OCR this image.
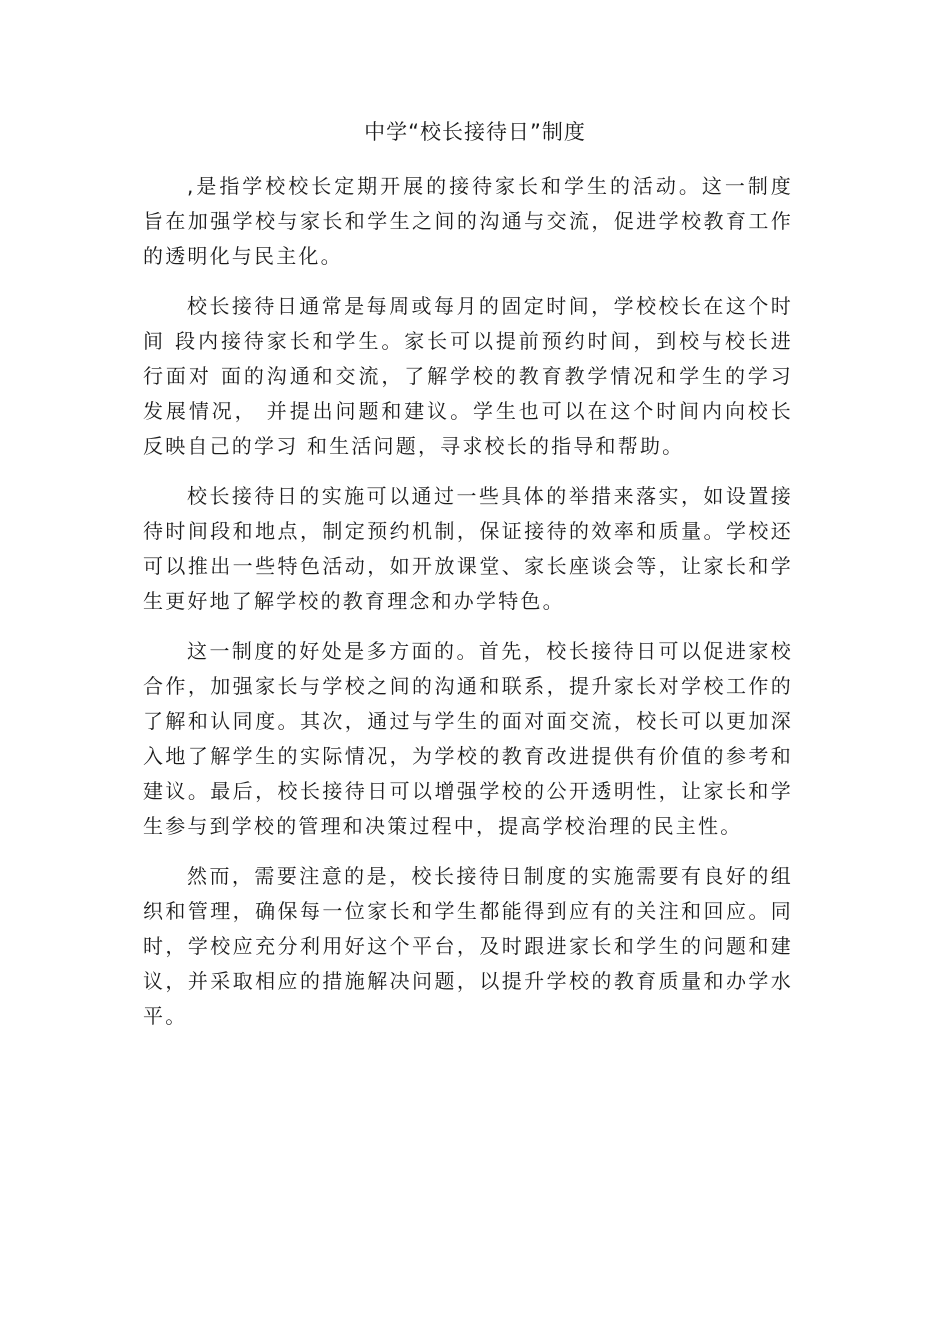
中学“校长接待日”制度

,是指学校校长定期开展的接待家长和学生的活动。这一制度旨在加强学校与家长和学生之间的沟通与交流，促进学校教育工作的透明化与民主化。

校长接待日通常是每周或每月的固定时间，学校校长在这个时间 段内接待家长和学生。家长可以提前预约时间，到校与校长进行面对 面的沟通和交流，了解学校的教育教学情况和学生的学习发展情况， 并提出问题和建议。学生也可以在这个时间内向校长反映自己的学习 和生活问题，寻求校长的指导和帮助。

校长接待日的实施可以通过一些具体的举措来落实，如设置接待时间段和地点，制定预约机制，保证接待的效率和质量。学校还可以推出一些特色活动，如开放课堂、家长座谈会等，让家长和学生更好地了解学校的教育理念和办学特色。

这一制度的好处是多方面的。首先，校长接待日可以促进家校合作，加强家长与学校之间的沟通和联系，提升家长对学校工作的了解和认同度。其次，通过与学生的面对面交流，校长可以更加深入地了解学生的实际情况，为学校的教育改进提供有价值的参考和建议。最后，校长接待日可以增强学校的公开透明性，让家长和学生参与到学校的管理和决策过程中，提高学校治理的民主性。

然而，需要注意的是，校长接待日制度的实施需要有良好的组织和管理，确保每一位家长和学生都能得到应有的关注和回应。同时，学校应充分利用好这个平台，及时跟进家长和学生的问题和建议，并采取相应的措施解决问题，以提升学校的教育质量和办学水平。
